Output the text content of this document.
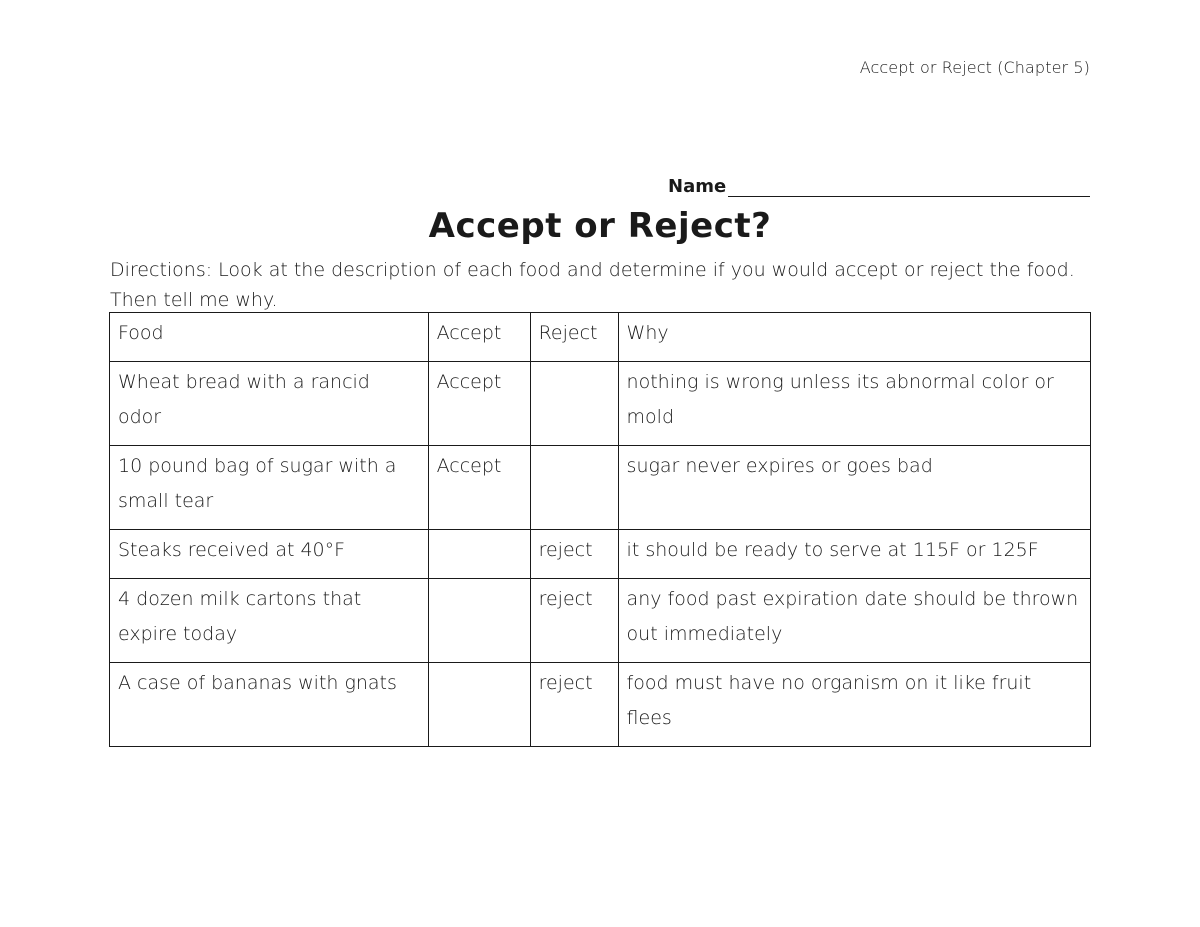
Accept or Reject (Chapter 5)
Name
Accept or Reject?
Directions: Look at the description of each food and determine if you would accept or reject the food. Then tell me why.
Food	Accept	Reject	Why
Wheat bread with a rancid odor	Accept		nothing is wrong unless its abnormal color or mold
10 pound bag of sugar with a small tear	Accept		sugar never expires or goes bad
Steaks received at 40°F		reject	it should be ready to serve at 115F or 125F
4 dozen milk cartons that expire today		reject	any food past expiration date should be thrown out immediately
A case of bananas with gnats		reject	food must have no organism on it like fruit flees
